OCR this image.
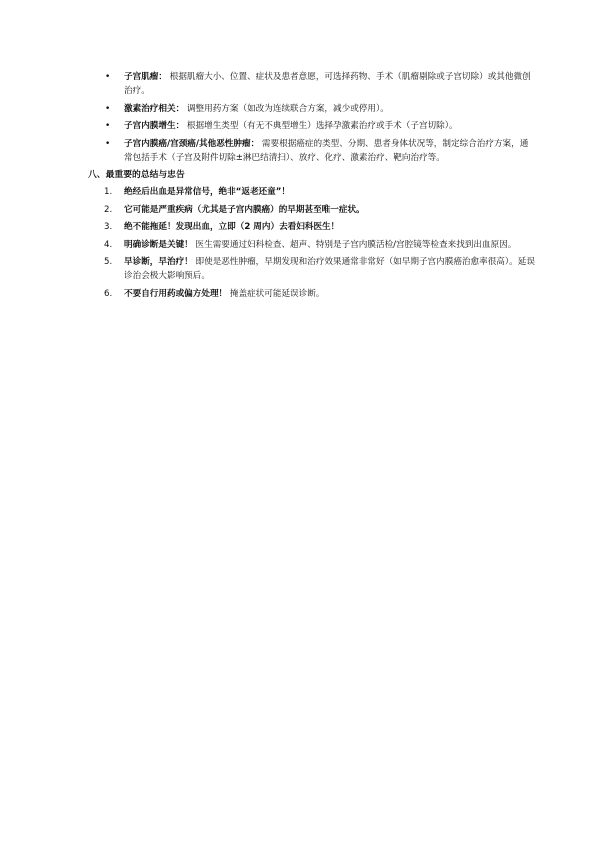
• 子宫肌瘤： 根据肌瘤大小、位置、症状及患者意愿，可选择药物、手术（肌瘤剔除或子宫切除）或其他微创治疗。
• 激素治疗相关： 调整用药方案（如改为连续联合方案，减少或停用）。
• 子宫内膜增生： 根据增生类型（有无不典型增生）选择孕激素治疗或手术（子宫切除）。
• 子宫内膜癌/宫颈癌/其他恶性肿瘤： 需要根据癌症的类型、分期、患者身体状况等，制定综合治疗方案，通常包括手术（子宫及附件切除±淋巴结清扫）、放疗、化疗、激素治疗、靶向治疗等。
八、最重要的总结与忠告
1. 绝经后出血是异常信号，绝非“返老还童”！
2. 它可能是严重疾病（尤其是子宫内膜癌）的早期甚至唯一症状。
3. 绝不能拖延！发现出血，立即（2 周内）去看妇科医生！
4. 明确诊断是关键！ 医生需要通过妇科检查、超声、特别是子宫内膜活检/宫腔镜等检查来找到出血原因。
5. 早诊断，早治疗！ 即使是恶性肿瘤，早期发现和治疗效果通常非常好（如早期子宫内膜癌治愈率很高）。延误诊治会极大影响预后。
6. 不要自行用药或偏方处理！ 掩盖症状可能延误诊断。
